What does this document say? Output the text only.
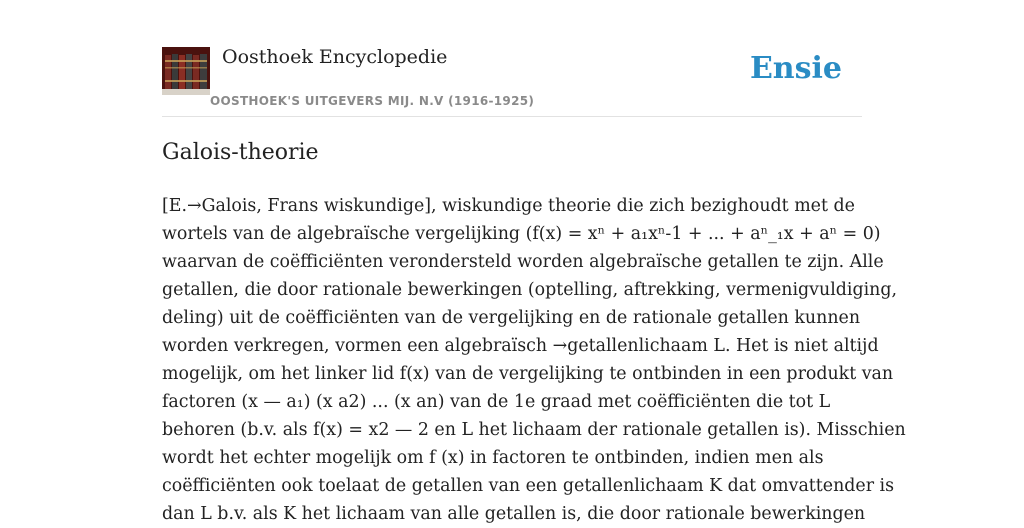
Oosthoek Encyclopedie
OOSTHOEK'S UITGEVERS MIJ. N.V (1916-1925)
Ensie
Galois-theorie
[E.→Galois, Frans wiskundige], wiskundige theorie die zich bezighoudt met de
wortels van de algebraïsche vergelijking (f(x) = xⁿ + a₁xⁿ-1 + ... + aⁿ_₁x + aⁿ = 0)
waarvan de coëfficiënten verondersteld worden algebraïsche getallen te zijn. Alle
getallen, die door rationale bewerkingen (optelling, aftrekking, vermenigvuldiging,
deling) uit de coëfficiënten van de vergelijking en de rationale getallen kunnen
worden verkregen, vormen een algebraïsch →getallenlichaam L. Het is niet altijd
mogelijk, om het linker lid f(x) van de vergelijking te ontbinden in een produkt van
factoren (x — a₁) (x a2) ... (x an) van de 1e graad met coëfficiënten die tot L
behoren (b.v. als f(x) = x2 — 2 en L het lichaam der rationale getallen is). Misschien
wordt het echter mogelijk om f (x) in factoren te ontbinden, indien men als
coëfficiënten ook toelaat de getallen van een getallenlichaam K dat omvattender is
dan L b.v. als K het lichaam van alle getallen is, die door rationale bewerkingen
